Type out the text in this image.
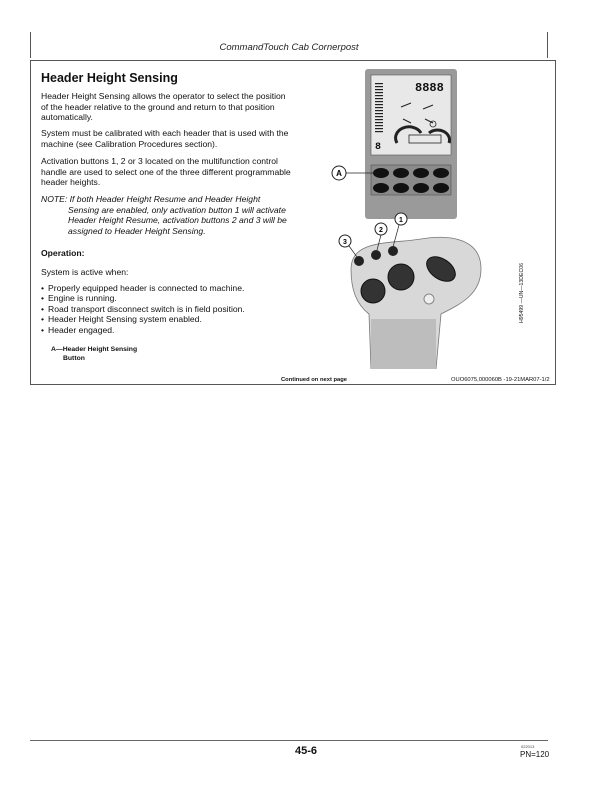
CommandTouch Cab Cornerpost
Header Height Sensing
Header Height Sensing allows the operator to select the position of the header relative to the ground and return to that position automatically.
System must be calibrated with each header that is used with the machine (see Calibration Procedures section).
Activation buttons 1, 2 or 3 located on the multifunction control handle are used to select one of the three different programmable header heights.
NOTE: If both Header Height Resume and Header Height
Sensing are enabled, only activation button 1 will activate Header Height Resume, activation buttons 2 and 3 will be assigned to Header Height Sensing.
Operation:
System is active when:
• Properly equipped header is connected to machine.
• Engine is running.
• Road transport disconnect switch is in field position.
• Header Height Sensing system enabled.
• Header engaged.
A—Header Height Sensing
Button
Continued on next page	OUO6075,000060B -19-21MAR07-1/2
H95499 —UN—13DEC06
8888
8
A
1
2
3
45-6	022013
PN=120
